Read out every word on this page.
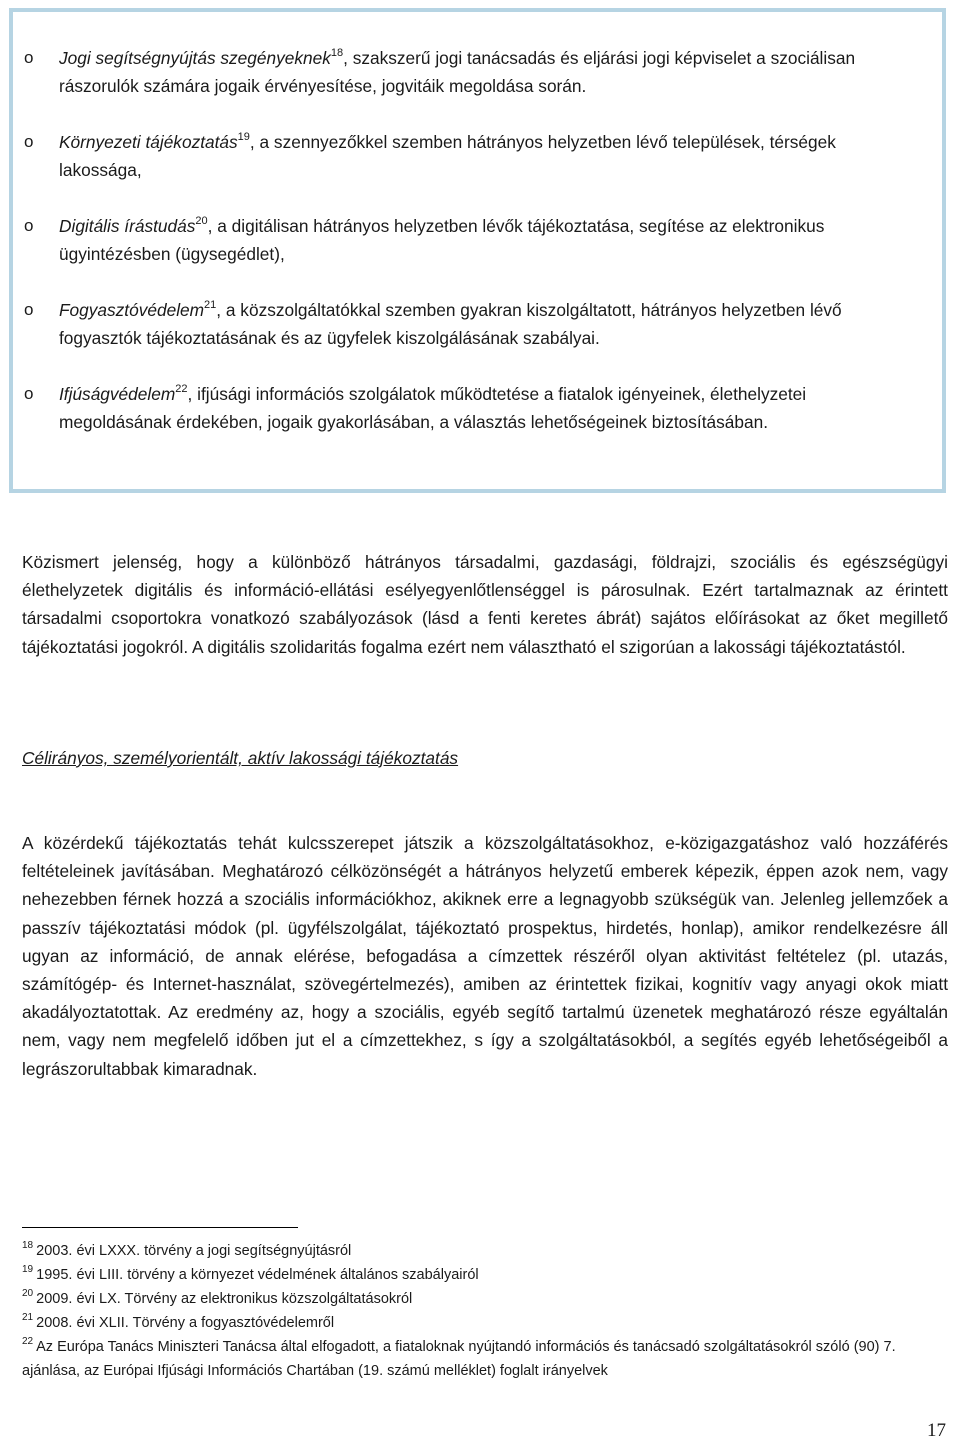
o Jogi segítségnyújtás szegényeknek$^{18}$, szakszerű jogi tanácsadás és eljárási jogi képviselet a szociálisan rászorulók számára jogaik érvényesítése, jogvitáik megoldása során.
o Környezeti tájékoztatás$^{19}$, a szennyezőkkel szemben hátrányos helyzetben lévő települések, térségek lakossága,
o Digitális írástudás$^{20}$, a digitálisan hátrányos helyzetben lévők tájékoztatása, segítése az elektronikus ügyintézésben (ügysegédlet),
o Fogyasztóvédelem$^{21}$, a közszolgáltatókkal szemben gyakran kiszolgáltatott, hátrányos helyzetben lévő fogyasztók tájékoztatásának és az ügyfelek kiszolgálásának szabályai.
o Ifjúságvédelem$^{22}$, ifjúsági információs szolgálatok működtetése a fiatalok igényeinek, élethelyzetei megoldásának érdekében, jogaik gyakorlásában, a választás lehetőségeinek biztosításában.

Közismert jelenség, hogy a különböző hátrányos társadalmi, gazdasági, földrajzi, szociális és egészségügyi élethelyzetek digitális és információ-ellátási esélyegyenlőtlenséggel is párosulnak. Ezért tartalmaznak az érintett társadalmi csoportokra vonatkozó szabályozások (lásd a fenti keretes ábrát) sajátos előírásokat az őket megillető tájékoztatási jogokról. A digitális szolidaritás fogalma ezért nem választható el szigorúan a lakossági tájékoztatástól.

Célirányos, személyorientált, aktív lakossági tájékoztatás

A közérdekű tájékoztatás tehát kulcsszerepet játszik a közszolgáltatásokhoz, e-közigazgatáshoz való hozzáférés feltételeinek javításában. Meghatározó célközönségét a hátrányos helyzetű emberek képezik, éppen azok nem, vagy nehezebben férnek hozzá a szociális információkhoz, akiknek erre a legnagyobb szükségük van. Jelenleg jellemzőek a passzív tájékoztatási módok (pl. ügyfélszolgálat, tájékoztató prospektus, hirdetés, honlap), amikor rendelkezésre áll ugyan az információ, de annak elérése, befogadása a címzettek részéről olyan aktivitást feltételez (pl. utazás, számítógép- és Internet-használat, szövegértelmezés), amiben az érintettek fizikai, kognitív vagy anyagi okok miatt akadályoztatottak. Az eredmény az, hogy a szociális, egyéb segítő tartalmú üzenetek meghatározó része egyáltalán nem, vagy nem megfelelő időben jut el a címzettekhez, s így a szolgáltatásokból, a segítés egyéb lehetőségeiből a legrászorultabbak kimaradnak.

$^{18}$ 2003. évi LXXX. törvény a jogi segítségnyújtásról
$^{19}$ 1995. évi LIII. törvény a környezet védelmének általános szabályairól
$^{20}$ 2009. évi LX. Törvény az elektronikus közszolgáltatásokról
$^{21}$ 2008. évi XLII. Törvény a fogyasztóvédelemről
$^{22}$ Az Európa Tanács Miniszteri Tanácsa által elfogadott, a fiataloknak nyújtandó információs és tanácsadó szolgáltatásokról szóló (90) 7. ajánlása, az Európai Ifjúsági Információs Chartában (19. számú melléklet) foglalt irányelvek
17
